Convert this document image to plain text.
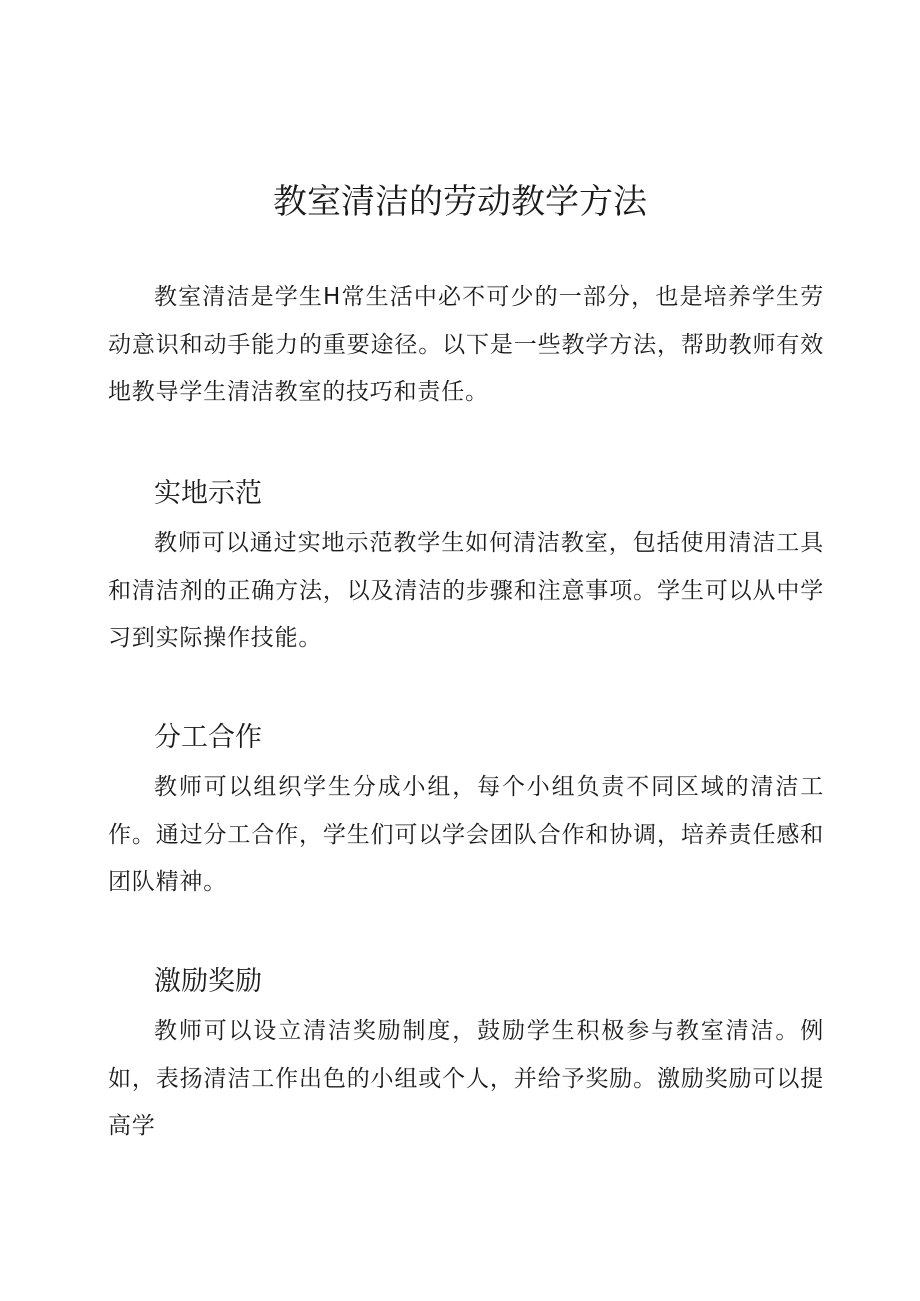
教室清洁的劳动教学方法

教室清洁是学生H常生活中必不可少的一部分，也是培养学生劳动意识和动手能力的重要途径。以下是一些教学方法，帮助教师有效地教导学生清洁教室的技巧和责任。

实地示范

教师可以通过实地示范教学生如何清洁教室，包括使用清洁工具和清洁剂的正确方法，以及清洁的步骤和注意事项。学生可以从中学习到实际操作技能。

分工合作

教师可以组织学生分成小组，每个小组负责不同区域的清洁工作。通过分工合作，学生们可以学会团队合作和协调，培养责任感和团队精神。

激励奖励

教师可以设立清洁奖励制度，鼓励学生积极参与教室清洁。例如，表扬清洁工作出色的小组或个人，并给予奖励。激励奖励可以提高学
